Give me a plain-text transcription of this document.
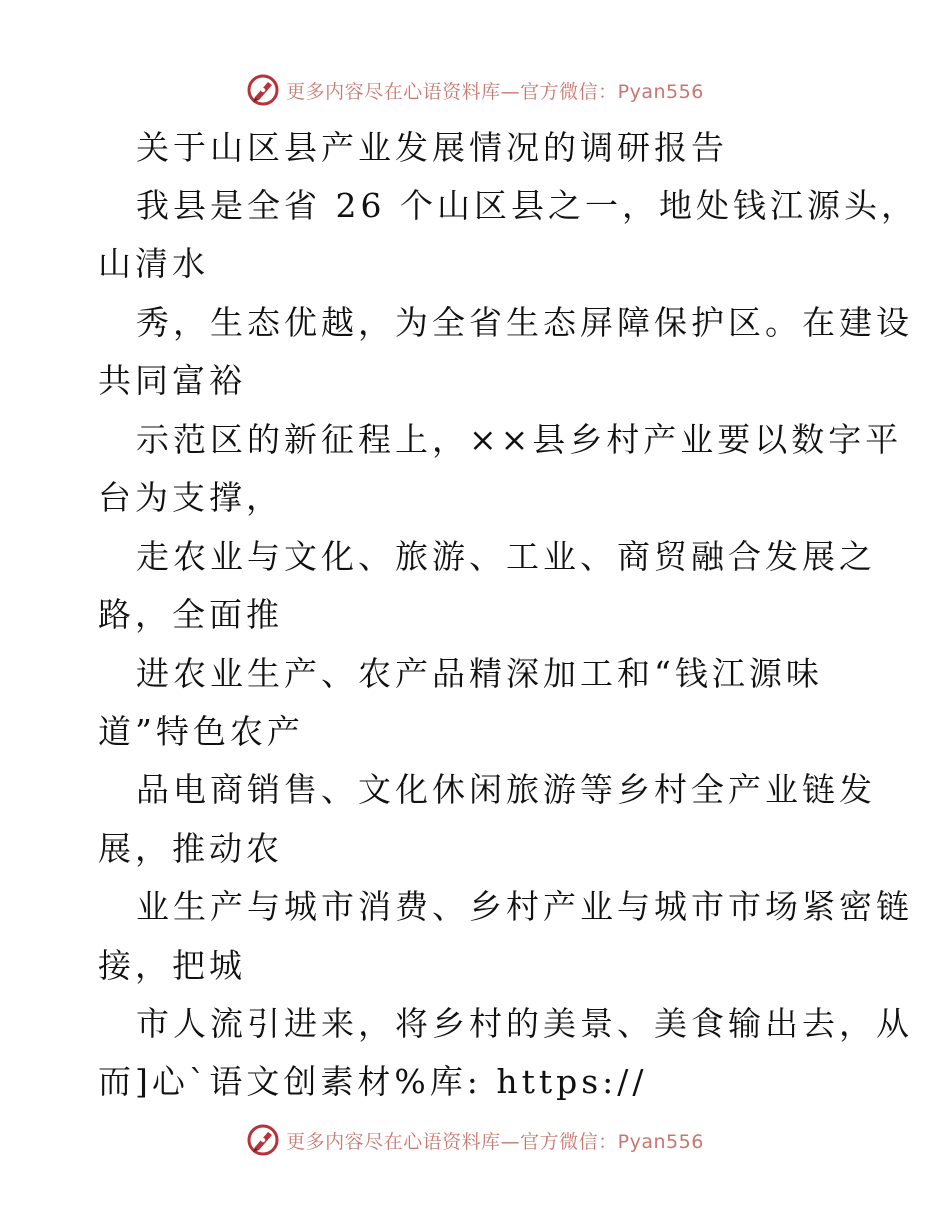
更多内容尽在心语资料库—官方微信：Pyan556
关于山区县产业发展情况的调研报告
我县是全省 26 个山区县之一，地处钱江源头，
山清水
秀，生态优越，为全省生态屏障保护区。在建设
共同富裕
示范区的新征程上，××县乡村产业要以数字平
台为支撑，
走农业与文化、旅游、工业、商贸融合发展之
路，全面推
进农业生产、农产品精深加工和“钱江源味
道”特色农产
品电商销售、文化休闲旅游等乡村全产业链发
展，推动农
业生产与城市消费、乡村产业与城市市场紧密链
接，把城
市人流引进来，将乡村的美景、美食输出去，从
而]心`语文创素材%库: https://
更多内容尽在心语资料库—官方微信：Pyan556
